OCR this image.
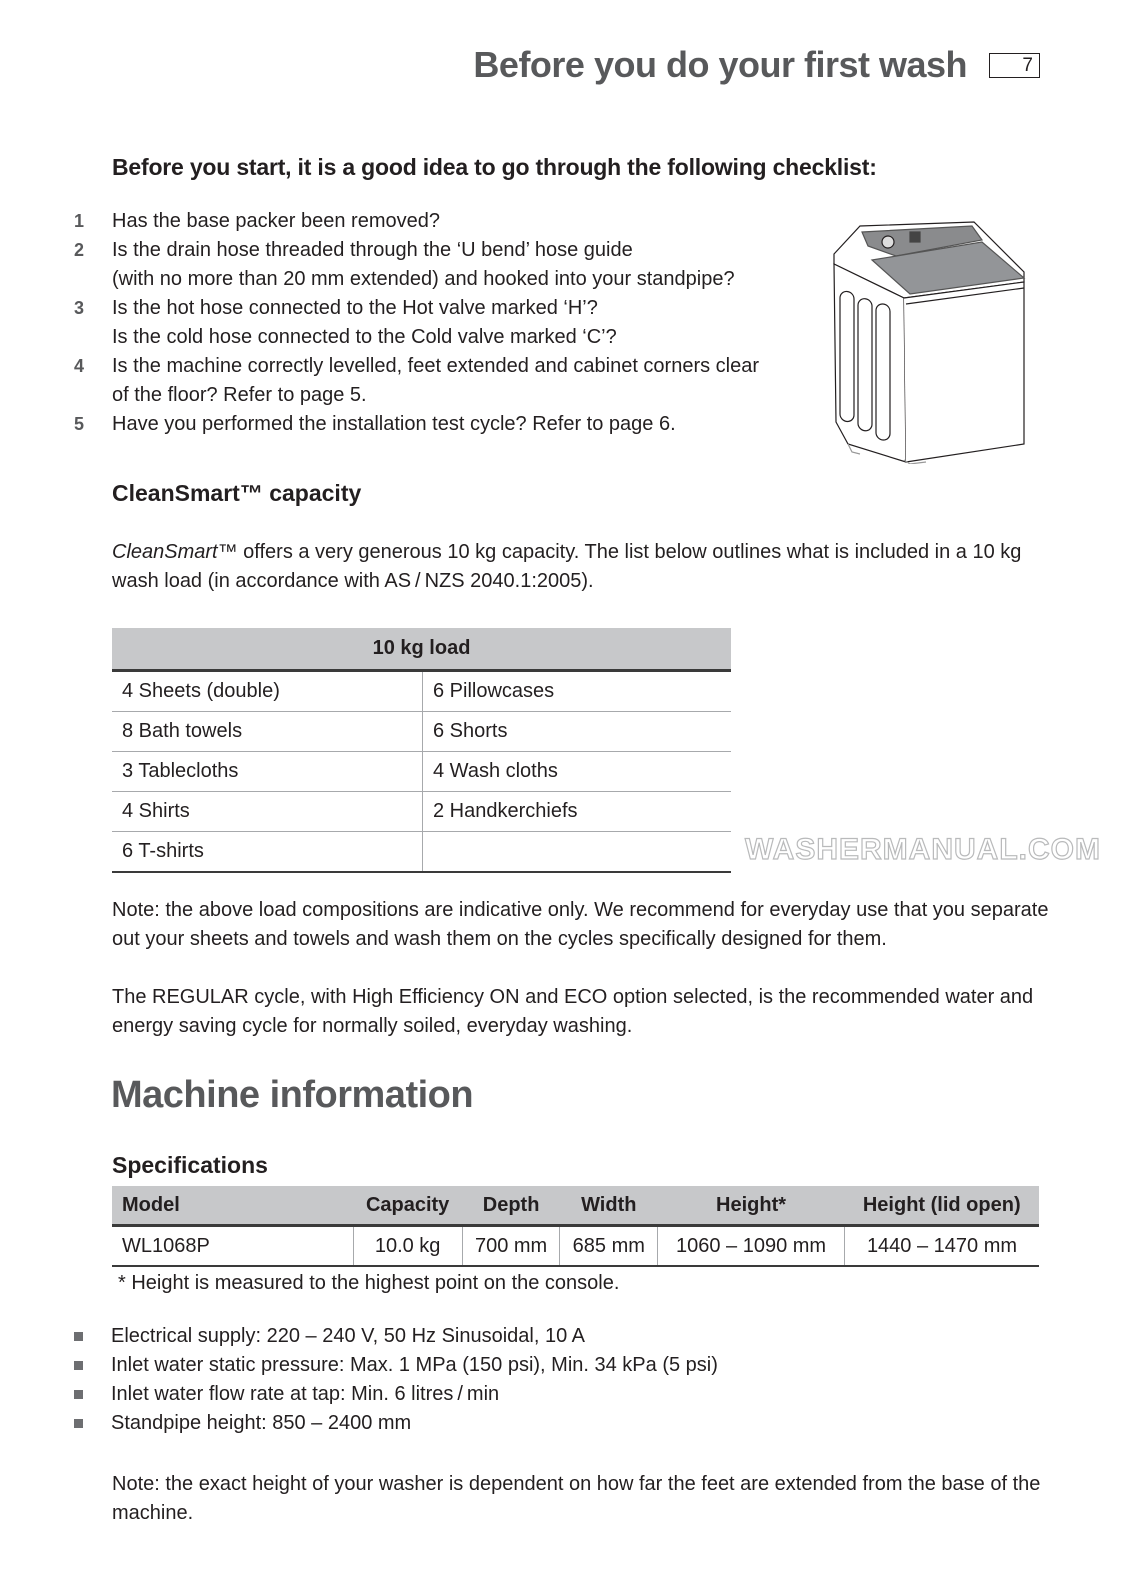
Before you do your first wash	7
Before you start, it is a good idea to go through the following checklist:
1	Has the base packer been removed?
2	Is the drain hose threaded through the ‘U bend’ hose guide
(with no more than 20 mm extended) and hooked into your standpipe?
3	Is the hot hose connected to the Hot valve marked ‘H’?
Is the cold hose connected to the Cold valve marked ‘C’?
4	Is the machine correctly levelled, feet extended and cabinet corners clear
of the floor? Refer to page 5.
5	Have you performed the installation test cycle? Refer to page 6.
CleanSmart™ capacity
CleanSmart™ offers a very generous 10 kg capacity. The list below outlines what is included in a 10 kg wash load (in accordance with AS / NZS 2040.1:2005).
10 kg load	
4 Sheets (double)	6 Pillowcases
8 Bath towels	6 Shorts
3 Tablecloths	4 Wash cloths
4 Shirts	2 Handkerchiefs
6 T-shirts		WASHERMANUAL.COM
Note: the above load compositions are indicative only. We recommend for everyday use that you separate out your sheets and towels and wash them on the cycles specifically designed for them.
The REGULAR cycle, with High Efficiency ON and ECO option selected, is the recommended water and energy saving cycle for normally soiled, everyday washing.
Machine information
Specifications
Model	Capacity	Depth	Width	Height*	Height (lid open)
WL1068P	10.0 kg	700 mm	685 mm	1060 – 1090 mm	1440 – 1470 mm
* Height is measured to the highest point on the console.
Electrical supply: 220 – 240 V, 50 Hz Sinusoidal, 10 A
Inlet water static pressure: Max. 1 MPa (150 psi), Min. 34 kPa (5 psi)
Inlet water flow rate at tap: Min. 6 litres / min
Standpipe height: 850 – 2400 mm
Note: the exact height of your washer is dependent on how far the feet are extended from the base of the machine.
